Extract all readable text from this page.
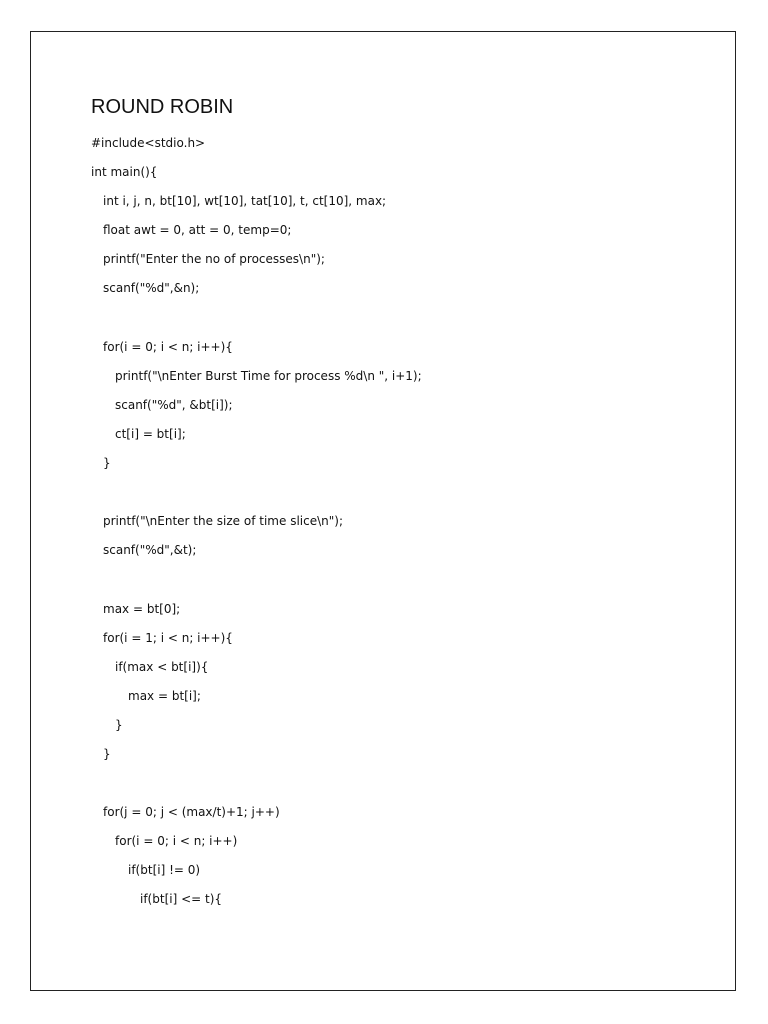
ROUND ROBIN
#include<stdio.h>
int main(){
int i, j, n, bt[10], wt[10], tat[10], t, ct[10], max;
float awt = 0, att = 0, temp=0;
printf("Enter the no of processes\n");
scanf("%d",&n);
for(i = 0; i < n; i++){
printf("\nEnter Burst Time for process %d\n ", i+1);
scanf("%d", &bt[i]);
ct[i] = bt[i];
}
printf("\nEnter the size of time slice\n");
scanf("%d",&t);
max = bt[0];
for(i = 1; i < n; i++){
if(max < bt[i]){
max = bt[i];
}
}
for(j = 0; j < (max/t)+1; j++)
for(i = 0; i < n; i++)
if(bt[i] != 0)
if(bt[i] <= t){
